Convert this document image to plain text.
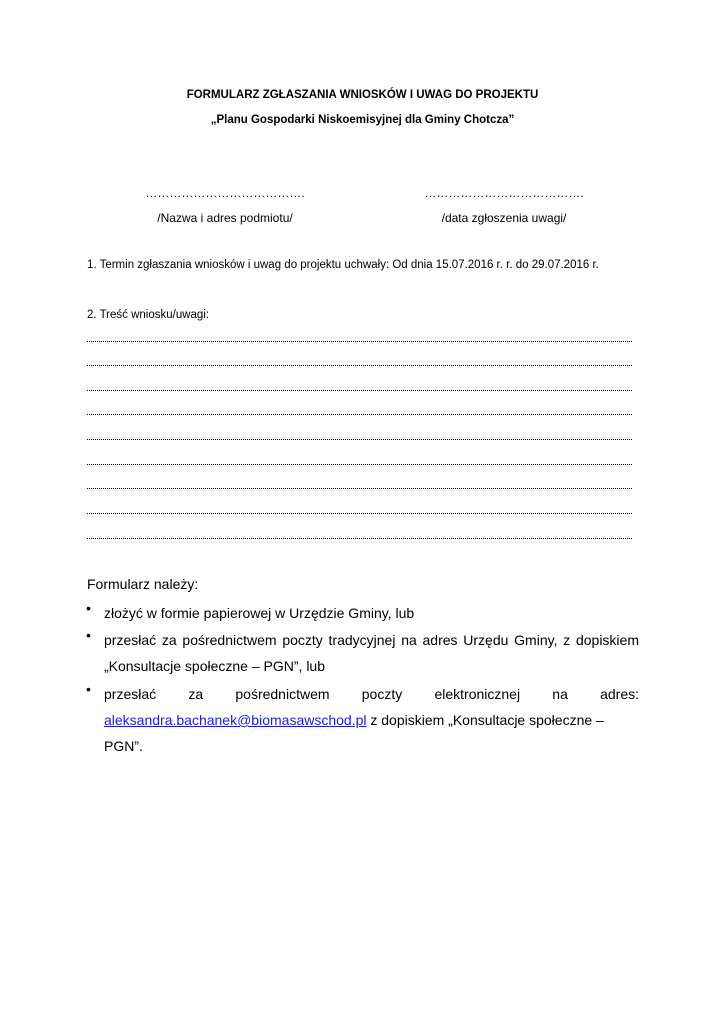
FORMULARZ ZGŁASZANIA WNIOSKÓW I UWAG DO PROJEKTU
„Planu Gospodarki Niskoemisyjnej dla Gminy Chotcza”
………………………………….
/Nazwa i adres podmiotu/
………………………………….
/data zgłoszenia uwagi/
1. Termin zgłaszania wniosków i uwag do projektu uchwały: Od dnia 15.07.2016 r. r. do 29.07.2016 r.
2. Treść wniosku/uwagi:
Formularz należy:
• złożyć w formie papierowej w Urzędzie Gminy, lub
• przesłać za pośrednictwem poczty tradycyjnej na adres Urzędu Gminy, z dopiskiem
„Konsultacje społeczne – PGN”, lub
• przesłać za pośrednictwem poczty elektronicznej na adres:
aleksandra.bachanek@biomasawschod.pl z dopiskiem „Konsultacje społeczne – PGN”.
